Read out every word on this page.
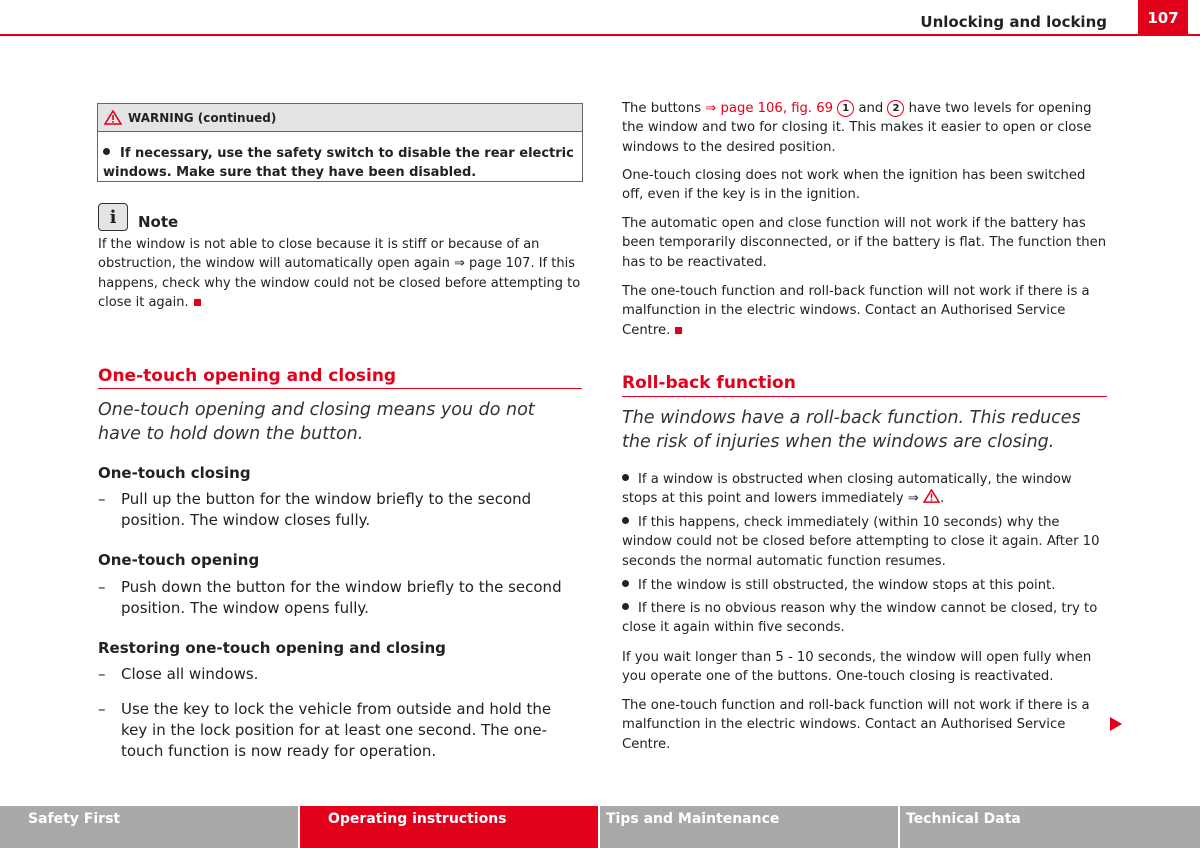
Unlocking and locking	107
WARNING (continued)
If necessary, use the safety switch to disable the rear electric windows. Make sure that they have been disabled.
i	Note
If the window is not able to close because it is stiff or because of an obstruction, the window will automatically open again ⇒ page 107. If this happens, check why the window could not be closed before attempting to close it again.
One-touch opening and closing
One-touch opening and closing means you do not have to hold down the button.
One-touch closing
–	Pull up the button for the window briefly to the second position. The window closes fully.
One-touch opening
–	Push down the button for the window briefly to the second position. The window opens fully.
Restoring one-touch opening and closing
–	Close all windows.
–	Use the key to lock the vehicle from outside and hold the key in the lock position for at least one second. The one-touch function is now ready for operation.
The buttons ⇒ page 106, fig. 69 1 and 2 have two levels for opening the window and two for closing it. This makes it easier to open or close windows to the desired position.
One-touch closing does not work when the ignition has been switched off, even if the key is in the ignition.
The automatic open and close function will not work if the battery has been temporarily disconnected, or if the battery is flat. The function then has to be reactivated.
The one-touch function and roll-back function will not work if there is a malfunction in the electric windows. Contact an Authorised Service Centre.
Roll-back function
The windows have a roll-back function. This reduces the risk of injuries when the windows are closing.
If a window is obstructed when closing automatically, the window stops at this point and lowers immediately ⇒ .
If this happens, check immediately (within 10 seconds) why the window could not be closed before attempting to close it again. After 10 seconds the normal automatic function resumes.
If the window is still obstructed, the window stops at this point.
If there is no obvious reason why the window cannot be closed, try to close it again within five seconds.
If you wait longer than 5 - 10 seconds, the window will open fully when you operate one of the buttons. One-touch closing is reactivated.
The one-touch function and roll-back function will not work if there is a malfunction in the electric windows. Contact an Authorised Service Centre.
Safety First	Operating instructions	Tips and Maintenance	Technical Data
